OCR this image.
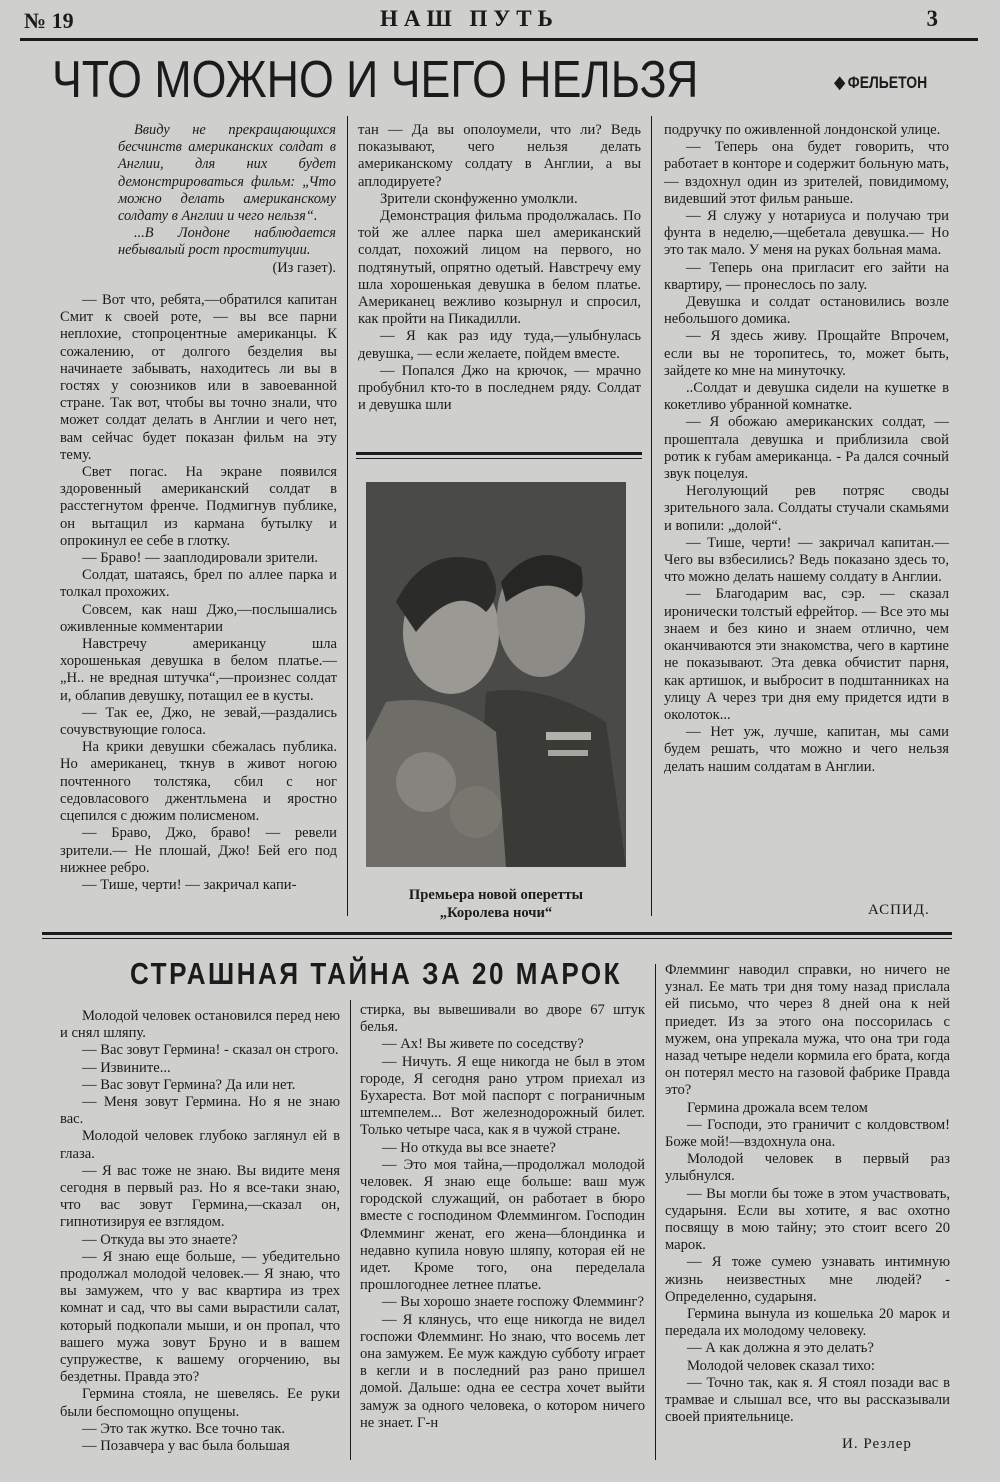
№ 19	НАШ ПУТЬ	3
ЧТО МОЖНО И ЧЕГО НЕЛЬЗЯ	◆ ФЕЛЬЕТОН

Ввиду не прекращающихся бесчинств американских солдат в Англии, для них будет демонстрироваться фильм: „Что можно делать американскому солдату в Англии и чего нельзя“.

...В Лондоне наблюдается небывалый рост проституции.

(Из газет).

— Вот что, ребята,—обратился капитан Смит к своей роте, — вы все парни неплохие, стопроцентные американцы. К сожалению, от долгого безделия вы начинаете забывать, находитесь ли вы в гостях у союзников или в завоеванной стране. Так вот, чтобы вы точно знали, что может солдат делать в Англии и чего нет, вам сейчас будет показан фильм на эту тему.

Свет погас. На экране появился здоровенный американский солдат в расстегнутом френче. Подмигнув публике, он вытащил из кармана бутылку и опрокинул ее себе в глотку.

— Браво! — зааплодировали зрители.

Солдат, шатаясь, брел по аллее парка и толкал прохожих.

Совсем, как наш Джо,—послышались оживленные комментарии

Навстречу американцу шла хорошенькая девушка в белом платье.— „Н.. не вредная штучка“,—произнес солдат и, облапив девушку, потащил ее в кусты.

— Так ее, Джо, не зевай,—раздались сочувствующие голоса.

На крики девушки сбежалась публика. Но американец, ткнув в живот ногою почтенного толстяка, сбил с ног седовласового джентльмена и яростно сцепился с дюжим полисменом.

— Браво, Джо, браво! — ревели зрители.— Не плошай, Джо! Бей его под нижнее ребро.

— Тише, черти! — закричал капи-

тан — Да вы ополоумели, что ли? Ведь показывают, чего нельзя делать американскому солдату в Англии, а вы аплодируете?

Зрители сконфуженно умолкли.

Демонстрация фильма продолжалась. По той же аллее парка шел американский солдат, похожий лицом на первого, но подтянутый, опрятно одетый. Навстречу ему шла хорошенькая девушка в белом платье. Американец вежливо козырнул и спросил, как пройти на Пикадилли.

— Я как раз иду туда,—улыбнулась девушка, — если желаете, пойдем вместе.

— Попался Джо на крючок, — мрачно пробубнил кто-то в последнем ряду. Солдат и девушка шли

Премьера новой оперетты
„Королева ночи“

подручку по оживленной лондонской улице.

— Теперь она будет говорить, что работает в конторе и содержит больную мать, — вздохнул один из зрителей, повидимому, видевший этот фильм раньше.

— Я служу у нотариуса и получаю три фунта в неделю,—щебетала девушка.— Но это так мало. У меня на руках больная мама.

— Теперь она пригласит его зайти на квартиру, — пронеслось по залу.

Девушка и солдат остановились возле небольшого домика.

— Я здесь живу. Прощайте Впрочем, если вы не торопитесь, то, может быть, зайдете ко мне на минуточку.

..Солдат и девушка сидели на кушетке в кокетливо убранной комнатке.

— Я обожаю американских солдат, — прошептала девушка и приблизила свой ротик к губам американца. - Ра дался сочный звук поцелуя.

Неголующий рев потряс своды зрительного зала. Солдаты стучали скамьями и вопили: „долой“.

— Тише, черти! — закричал капитан.— Чего вы взбесились? Ведь показано здесь то, что можно делать нашему солдату в Англии.

— Благодарим вас, сэр. — сказал иронически толстый ефрейтор. — Все это мы знаем и без кино и знаем отлично, чем оканчиваются эти знакомства, чего в картине не показывают. Эта девка обчистит парня, как артишок, и выбросит в подштанниках на улицу А через три дня ему придется идти в околоток...

— Нет уж, лучше, капитан, мы сами будем решать, что можно и чего нельзя делать нашим солдатам в Англии.

АСПИД.
СТРАШНАЯ ТАЙНА ЗА 20 МАРОК

Молодой человек остановился перед нею и снял шляпу.

— Вас зовут Гермина! - сказал он строго.

— Извините...

— Вас зовут Гермина? Да или нет.

— Меня зовут Гермина. Но я не знаю вас.

Молодой человек глубоко заглянул ей в глаза.

— Я вас тоже не знаю. Вы видите меня сегодня в первый раз. Но я все-таки знаю, что вас зовут Гермина,—сказал он, гипнотизируя ее взглядом.

— Откуда вы это знаете?

— Я знаю еще больше, — убедительно продолжал молодой человек.— Я знаю, что вы замужем, что у вас квартира из трех комнат и сад, что вы сами вырастили салат, который подкопали мыши, и он пропал, что вашего мужа зовут Бруно и в вашем супружестве, к вашему огорчению, вы бездетны. Правда это?

Гермина стояла, не шевелясь. Ее руки были беспомощно опущены.

— Это так жутко. Все точно так.

— Позавчера у вас была большая

стирка, вы вывешивали во дворе 67 штук белья.

— Ах! Вы живете по соседству?

— Ничуть. Я еще никогда не был в этом городе, Я сегодня рано утром приехал из Бухареста. Вот мой паспорт с пограничным штемпелем... Вот железнодорожный билет. Только четыре часа, как я в чужой стране.

— Но откуда вы все знаете?

— Это моя тайна,—продолжал молодой человек. Я знаю еще больше: ваш муж городской служащий, он работает в бюро вместе с господином Флеммингом. Господин Флемминг женат, его жена—блондинка и недавно купила новую шляпу, которая ей не идет. Кроме того, она переделала прошлогоднее летнее платье.

— Вы хорошо знаете госпожу Флемминг?

— Я клянусь, что еще никогда не видел госпожи Флемминг. Но знаю, что восемь лет она замужем. Ее муж каждую субботу играет в кегли и в последний раз рано пришел домой. Дальше: одна ее сестра хочет выйти замуж за одного человека, о котором ничего не знает. Г-н

Флемминг наводил справки, но ничего не узнал. Ее мать три дня тому назад прислала ей письмо, что через 8 дней она к ней приедет. Из за этого она поссорилась с мужем, она упрекала мужа, что она три года назад четыре недели кормила его брата, когда он потерял место на газовой фабрике Правда это?

Гермина дрожала всем телом

— Господи, это граничит с колдовством! Боже мой!—вздохнула она.

Молодой человек в первый раз улыбнулся.

— Вы могли бы тоже в этом участвовать, сударыня. Если вы хотите, я вас охотно посвящу в мою тайну; это стоит всего 20 марок.

— Я тоже сумею узнавать интимную жизнь неизвестных мне людей? - Определенно, сударыня.

Гермина вынула из кошелька 20 марок и передала их молодому человеку.

— А как должна я это делать?

Молодой человек сказал тихо:

— Точно так, как я. Я стоял позади вас в трамвае и слышал все, что вы рассказывали своей приятельнице.

И. Резлер
